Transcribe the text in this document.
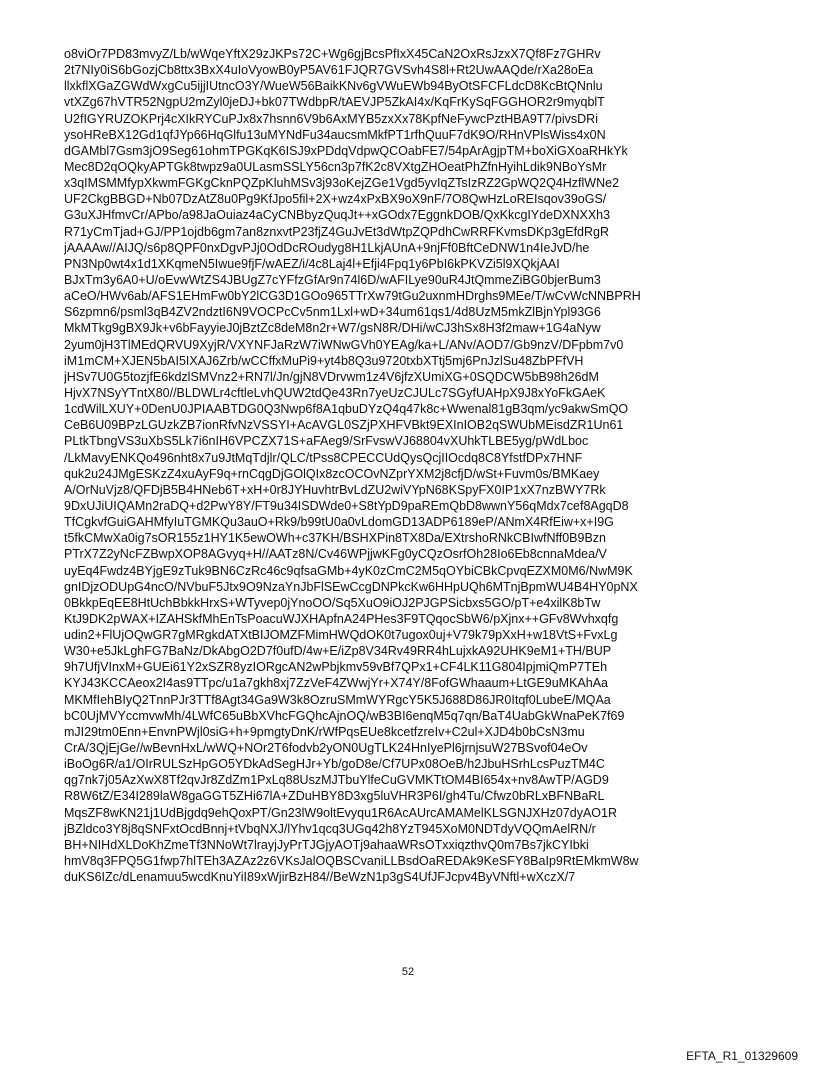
o8viOr7PD83mvyZ/Lb/wWqeYftX29zJKPs72C+Wg6gjBcsPfIxX45CaN2OxRsJzxX7Qf8Fz7GHRv
2t7NIy0iS6bGozjCb8ttx3BxX4uIoVyowB0yP5AV61FJQR7GVSvh4S8l+Rt2UwAAQde/rXa28oEa
llxkflXGaZGWdWxgCu5ijjIUtncO3Y/WueW56BaikKNv6gVWuEWb94ByOtSFCFLdcD8KcBtQNnlu
vtXZg67hVTR52NgpU2mZyl0jeDJ+bk07TWdbpR/tAEVJP5ZkAI4x/KqFrKySqFGGHOR2r9myqblT
U2fIGYRUZOKPrj4cXIkRYCuPJx8x7hsnn6V9b6AxMYB5zxXx78KpfNeFywcPztHBA9T7/pivsDRi
ysoHReBX12Gd1qfJYp66HqGlfu13uMYNdFu34aucsmMkfPT1rfhQuuF7dK9O/RHnVPlsWiss4x0N
dGAMbl7Gsm3jO9Seg61ohmTPGKqK6ISJ9xPDdqVdpwQCOabFE7/54pArAgjpTM+boXiGXoaRHkYk
Mec8D2qOQkyAPTGk8twpz9a0ULasmSSLY56cn3p7fK2c8VXtgZHOeatPhZfnHyihLdik9NBoYsMr
x3qIMSMMfypXkwmFGKgCknPQZpKluhMSv3j93oKejZGe1Vgd5yvIqZTsIzRZ2GpWQ2Q4HzflWNe2
UF2CkgBBGD+Nb07DzAtZ8u0Pg9KfJpo5fil+2X+wz4xPxBX9oX9nF/7O8QwHzLoREIsqov39oGS/
G3uXJHfmvCr/APbo/a98JaOuiaz4aCyCNBbyzQuqJt++xGOdx7EggnkDOB/QxKkcgIYdeDXNXXh3
R71yCmTjad+GJ/PP1ojdb6gm7an8znxvtP23fjZ4GuJvEt3dWtpZQPdhCwRRFKvmsDKp3gEfdRgR
jAAAAw//AIJQ/s6p8QPF0nxDgvPJj0OdDcROudyg8H1LkjAUnA+9njFf0BftCeDNW1n4IeJvD/he
PN3Np0wt4x1d1XKqmeN5Iwue9fjF/wAEZ/i/4c8Laj4l+Efji4Fpq1y6PbI6kPKVZi5l9XQkjAAI
BJxTm3y6A0+U/oEvwWtZS4JBUgZ7cYFfzGfAr9n74l6D/wAFILye90uR4JtQmmeZiBG0bjerBum3
aCeO/HWv6ab/AFS1EHmFw0bY2lCG3D1GOo965TTrXw79tGu2uxnmHDrghs9MEe/T/wCvWcNNBPRH
S6zpmn6/psml3qB4ZV2ndztI6N9VOCPcCv5nm1Lxl+wD+34um61qs1/4d8UzM5mkZlBjnYpl93G6
MkMTkg9gBX9Jk+v6bFayyieJ0jBztZc8deM8n2r+W7/gsN8R/DHi/wCJ3hSx8H3f2maw+1G4aNyw
2yum0jH3TlMEdQRVU9XyjR/VXYNFJaRzW7iWNwGVh0YEAg/ka+L/ANv/AOD7/Gb9nzV/DFpbm7v0
iM1mCM+XJEN5bAI5IXAJ6Zrb/wCCffxMuPi9+yt4b8Q3u9720txbXTtj5mj6PnJzlSu48ZbPFfVH
jHSv7U0G5tozjfE6kdzlSMVnz2+RN7l/Jn/gjN8VDrvwm1z4V6jfzXUmiXG+0SQDCW5bB98h26dM
HjvX7NSyYTntX80//BLDWLr4cftleLvhQUW2tdQe43Rn7yeUzCJULc7SGyfUAHpX9J8xYoFkGAeK
1cdWilLXUY+0DenU0JPIAABTDG0Q3Nwp6f8A1qbuDYzQ4q47k8c+Wwenal81gB3qm/yc9akwSmQO
CeB6U09BPzLGUzkZB7ionRfvNzVSSYI+AcAVGL0SZjPXHFVBkt9EXInIOB2qSWUbMEisdZR1Un61
PLtkTbngVS3uXbS5Lk7i6nIH6VPCZX71S+aFAeg9/SrFvswVJ68804vXUhkTLBE5yg/pWdLboc
/LkMavyENKQo496nht8x7u9JtMqTdjlr/QLC/tPss8CPECCUdQysQcjIIOcdq8C8YfstfDPx7HNF
quk2u24JMgESKzZ4xuAyF9q+rnCqgDjGOlQIx8zcOCOvNZprYXM2j8cfjD/wSt+Fuvm0s/BMKaey
A/OrNuVjz8/QFDjB5B4HNeb6T+xH+0r8JYHuvhtrBvLdZU2wiVYpN68KSpyFX0IP1xX7nzBWY7Rk
9DxUJiUIQAMn2raDQ+d2PwY8Y/FT9u34ISDWde0+S8tYpD9paREmQbD8wwnY56qMdx7cef8AgqD8
TfCgkvfGuiGAHMfyIuTGMKQu3auO+Rk9/b99tU0a0vLdomGD13ADP6189eP/ANmX4RfEiw+x+I9G
t5fkCMwXa0ig7sOR155z1HY1K5ewOWh+c37KH/BSHXPin8TX8Da/EXtrshoRNkCBIwfNff0B9Bzn
PTrX7Z2yNcFZBwpXOP8AGvyq+H//AATz8N/Cv46WPjjwKFg0yCQzOsrfOh28Io6Eb8cnnaMdea/V
uyEq4Fwdz4BYjgE9zTuk9BN6CzRc46c9qfsaGMb+4yK0zCmC2M5qOYbiCBkCpvqEZXM0M6/NwM9K
gnIDjzODUpG4ncO/NVbuF5Jtx9O9NzaYnJbFlSEwCcgDNPkcKw6HHpUQh6MTnjBpmWU4B4HY0pNX
0BkkpEqEE8HtUchBbkkHrxS+WTyvep0jYnoOO/Sq5XuO9iOJ2PJGPSicbxs5GO/pT+e4xilK8bTw
KtJ9DK2pWAX+IZAHSkfMhEnTsPoacuWJXHApfnA24PHes3F9TQqocSbW6/pXjnx++GFv8Wvhxqfg
udin2+FlUjOQwGR7gMRgkdATXtBIJOMZFMimHWQdOK0t7ugox0uj+V79k79pXxH+w18VtS+FvxLg
W30+e5JkLghFG7BaNz/DkAbgO2D7f0ufD/4w+E/iZp8V34Rv49RR4hLujxkA92UHK9eM1+TH/BUP
9h7UfjVInxM+GUEi61Y2xSZR8yzIORgcAN2wPbjkmv59vBf7QPx1+CF4LK11G804IpjmiQmP7TEh
KYJ43KCCAeox2I4as9TTpc/u1a7gkh8xj7ZzVeF4ZWwjYr+X74Y/8FofGWhaaum+LtGE9uMKAhAa
MKMfIehBIyQ2TnnPJr3TTf8Agt34Ga9W3k8OzruSMmWYRgcY5K5J688D86JR0Itqf0LubeE/MQAa
bC0UjMVYccmvwMh/4LWfC65uBbXVhcFGQhcAjnOQ/wB3BI6enqM5q7qn/BaT4UabGkWnaPeK7f69
mJI29tm0Enn+EnvnPWjl0siG+h+9pmgtyDnK/rWfPqsEUe8kcetfzreIv+C2ul+XJD4b0bCsN3mu
CrA/3QjEjGe//wBevnHxL/wWQ+NOr2T6fodvb2yON0UgTLK24HnIyePl6jrnjsuW27BSvof04eOv
iBoOg6R/a1/OIrRULSzHpGO5YDkAdSegHJr+Yb/goD8e/Cf7UPx08OeB/h2JbuHSrhLcsPuzTM4C
qg7nk7j05AzXwX8Tf2qvJr8ZdZm1PxLq88UszMJTbuYlfeCuGVMKTtOM4BI654x+nv8AwTP/AGD9
R8W6tZ/E34I289laW8gaGGT5ZHi67lA+ZDuHBY8D3xg5luVHR3P6I/gh4Tu/Cfwz0bRLxBFNBaRL
MqsZF8wKN21j1UdBjgdq9ehQoxPT/Gn23lW9oltEvyqu1R6AcAUrcAMAMelKLSGNJXHz07dyAO1R
jBZldco3Y8j8qSNFxtOcdBnnj+tVbqNXJ/lYhv1qcq3UGq42h8YzT945XoM0NDTdyVQQmAelRN/r
BH+NIHdXLDoKhZmeTf3NNoWt7lrayjJyPrTJGjyAOTj9ahaaWRsOTxxiqzthvQ0m7Bs7jkCYIbki
hmV8q3FPQ5G1fwp7hlTEh3AZAz2z6VKsJalOQBSCvaniLLBsdOaREDAk9KeSFY8BaIp9RtEMkmW8w
duKS6IZc/dLenamuu5wcdKnuYiI89xWjirBzH84//BeWzN1p3gS4UfJFJcpv4ByVNftl+wXczX/7
52
EFTA_R1_01329609
